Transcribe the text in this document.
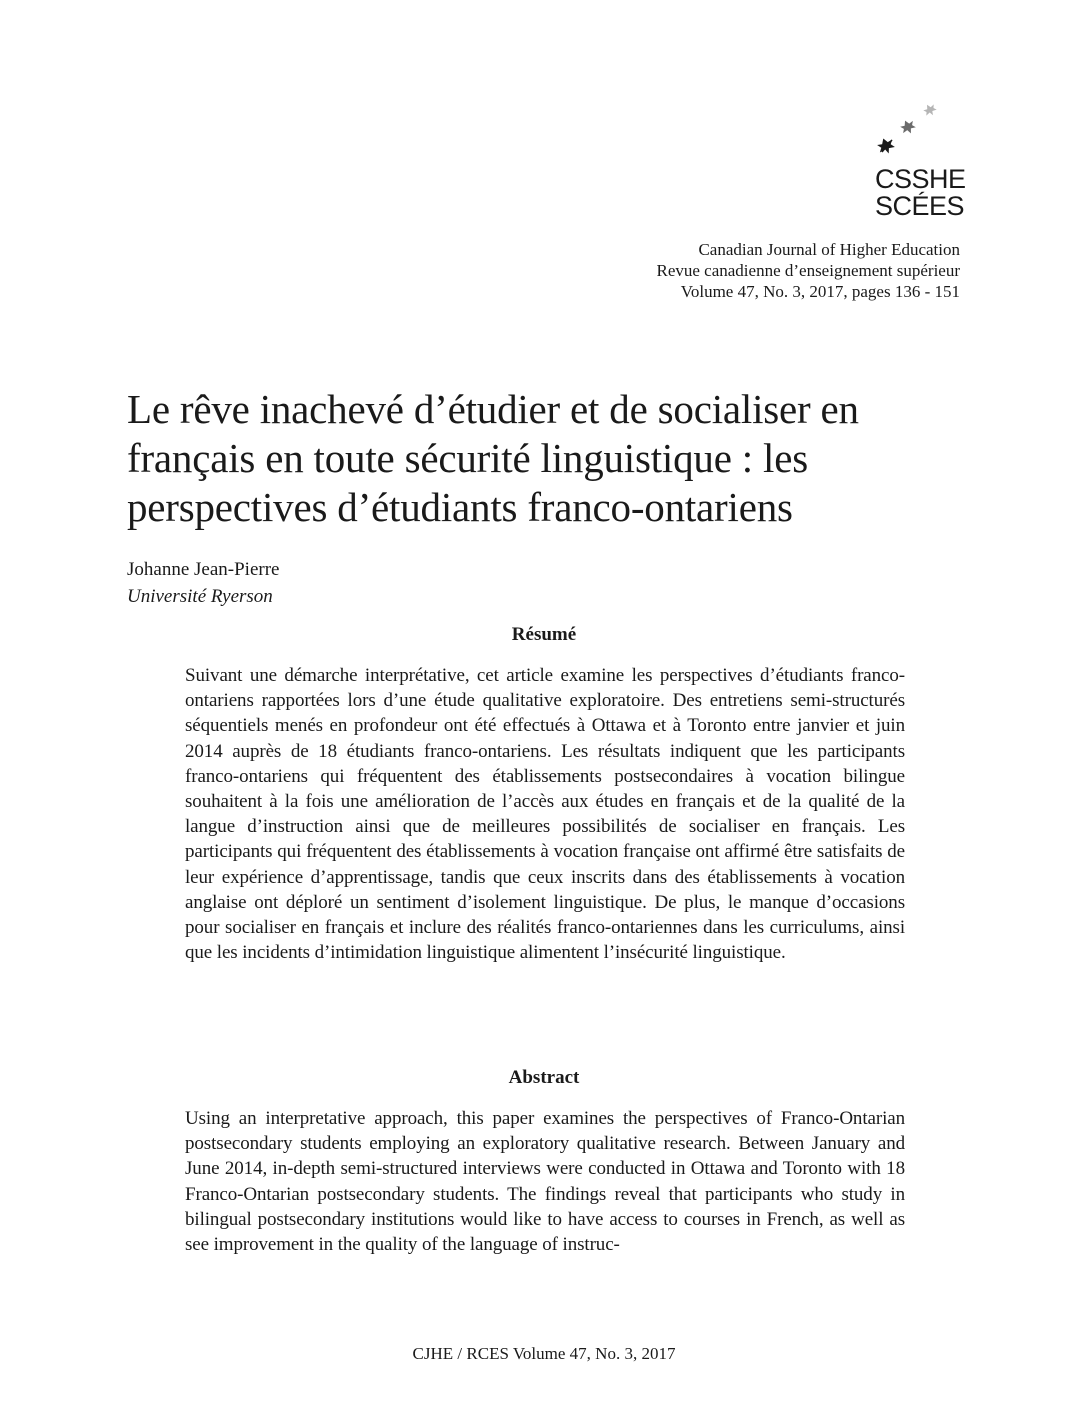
CSSHE
SCÉES
Canadian Journal of Higher Education
Revue canadienne d’enseignement supérieur
Volume 47, No. 3, 2017, pages 136 - 151
Le rêve inachevé d’étudier et de socialiser en français en toute sécurité linguistique : les perspectives d’étudiants franco-ontariens
Johanne Jean-Pierre
Université Ryerson
Résumé

Suivant une démarche interprétative, cet article examine les perspectives d’étudiants franco-ontariens rapportées lors d’une étude qualitative exploratoire. Des entretiens semi-structurés séquentiels menés en profondeur ont été effectués à Ottawa et à Toronto entre janvier et juin 2014 auprès de 18 étudiants franco-ontariens. Les résultats indiquent que les participants franco-ontariens qui fréquentent des établissements postsecondaires à vocation bilingue souhaitent à la fois une amélioration de l’accès aux études en français et de la qualité de la langue d’instruction ainsi que de meilleures possibilités de socialiser en français. Les participants qui fréquentent des établissements à vocation française ont affirmé être satisfaits de leur expérience d’apprentissage, tandis que ceux inscrits dans des établissements à vocation anglaise ont déploré un sentiment d’isolement linguistique. De plus, le manque d’occasions pour socialiser en français et inclure des réalités franco-ontariennes dans les curriculums, ainsi que les incidents d’intimidation linguistique alimentent l’insécurité linguistique.

Abstract

Using an interpretative approach, this paper examines the perspectives of Franco-Ontarian postsecondary students employing an exploratory qualitative research. Between January and June 2014, in-depth semi-structured interviews were conducted in Ottawa and Toronto with 18 Franco-Ontarian postsecondary students. The findings reveal that participants who study in bilingual postsecondary institutions would like to have access to courses in French, as well as see improvement in the quality of the language of instruc-

CJHE / RCES Volume 47, No. 3, 2017
